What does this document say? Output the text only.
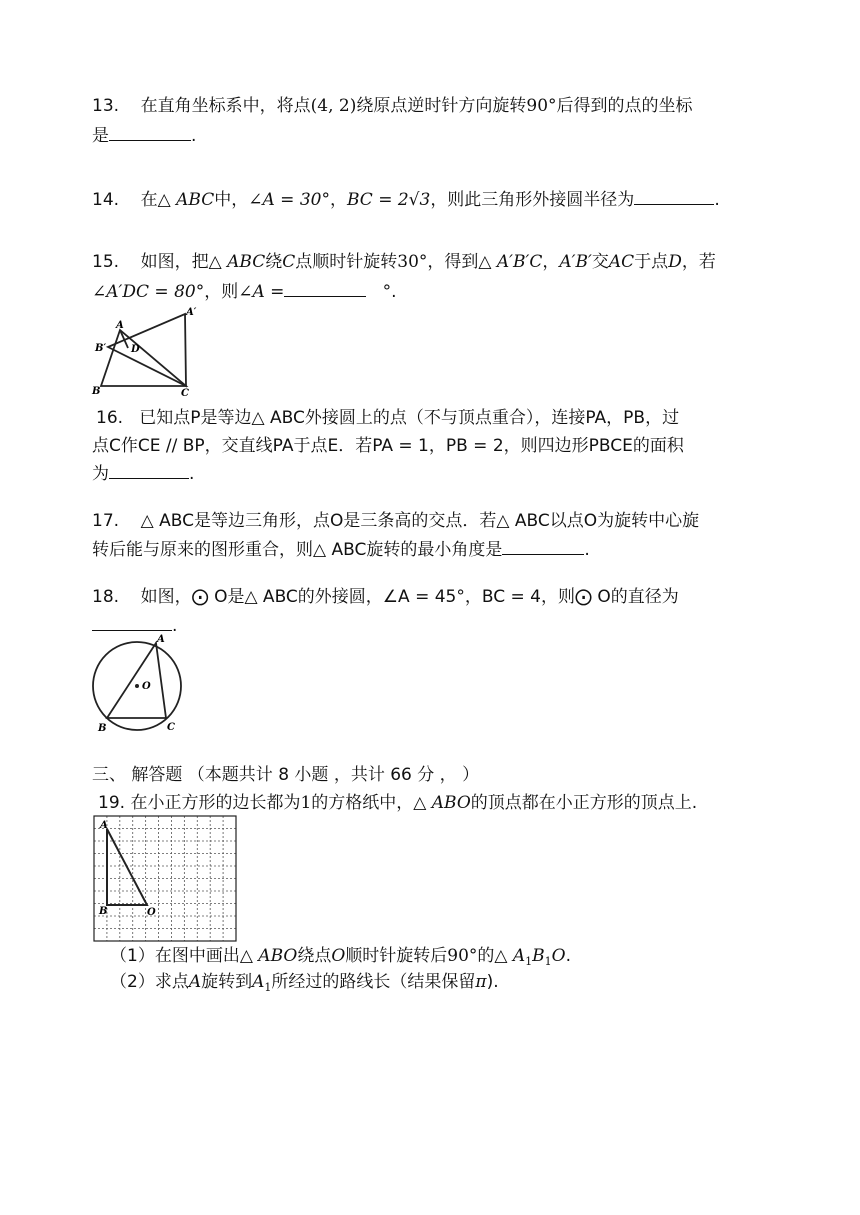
13. 在直角坐标系中，将点(4, 2)绕原点逆时针方向旋转90°后得到的点的坐标
是	.
14. 在△ ABC中，∠A = 30°，BC = 2√3，则此三角形外接圆半径为	.
15. 如图，把△ ABC绕C点顺时针旋转30°，得到△ A′B′C，A′B′交AC于点D，若
∠A′DC = 80°，则∠A =	°.
A
A′
B′ D
B	C
16. 已知点P是等边△ ABC外接圆上的点（不与顶点重合），连接PA，PB，过
点C作CE // BP，交直线PA于点E．若PA = 1，PB = 2，则四边形PBCE的面积
为	.
17. △ ABC是等边三角形，点O是三条高的交点．若△ ABC以点O为旋转中心旋
转后能与原来的图形重合，则△ ABC旋转的最小角度是	.
18. 如图，⨀ O是△ ABC的外接圆，∠A = 45°，BC = 4，则⨀ O的直径为
.
A
O
B	C
三、 解答题 （本题共计 8 小题 ，共计 66 分 ， ）
19. 在小正方形的边长都为1的方格纸中，△ ABO的顶点都在小正方形的顶点上.
A
B	O
（1）在图中画出△ ABO绕点O顺时针旋转后90°的△ $A_1B_1O$.
（2）求点A旋转到$A_1$所经过的路线长（结果保留π).
